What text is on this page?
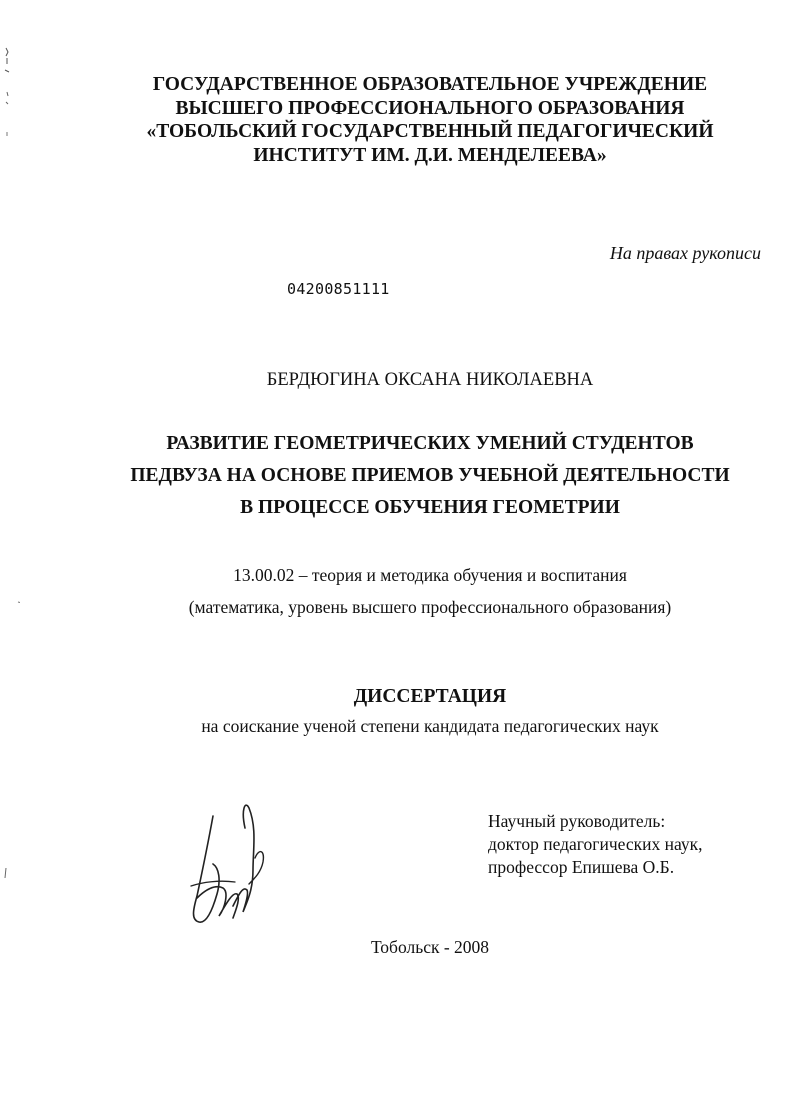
ГОСУДАРСТВЕННОЕ ОБРАЗОВАТЕЛЬНОЕ УЧРЕЖДЕНИЕ
ВЫСШЕГО ПРОФЕССИОНАЛЬНОГО ОБРАЗОВАНИЯ
«ТОБОЛЬСКИЙ ГОСУДАРСТВЕННЫЙ ПЕДАГОГИЧЕСКИЙ
ИНСТИТУТ ИМ. Д.И. МЕНДЕЛЕЕВА»
На правах рукописи
04200851111
БЕРДЮГИНА ОКСАНА НИКОЛАЕВНА
РАЗВИТИЕ ГЕОМЕТРИЧЕСКИХ УМЕНИЙ СТУДЕНТОВ
ПЕДВУЗА НА ОСНОВЕ ПРИЕМОВ УЧЕБНОЙ ДЕЯТЕЛЬНОСТИ
В ПРОЦЕССЕ ОБУЧЕНИЯ ГЕОМЕТРИИ
13.00.02 – теория и методика обучения и воспитания
(математика, уровень высшего профессионального образования)
ДИССЕРТАЦИЯ
на соискание ученой степени кандидата педагогических наук
Научный руководитель:
доктор педагогических наук,
профессор Епишева О.Б.
Тобольск - 2008
